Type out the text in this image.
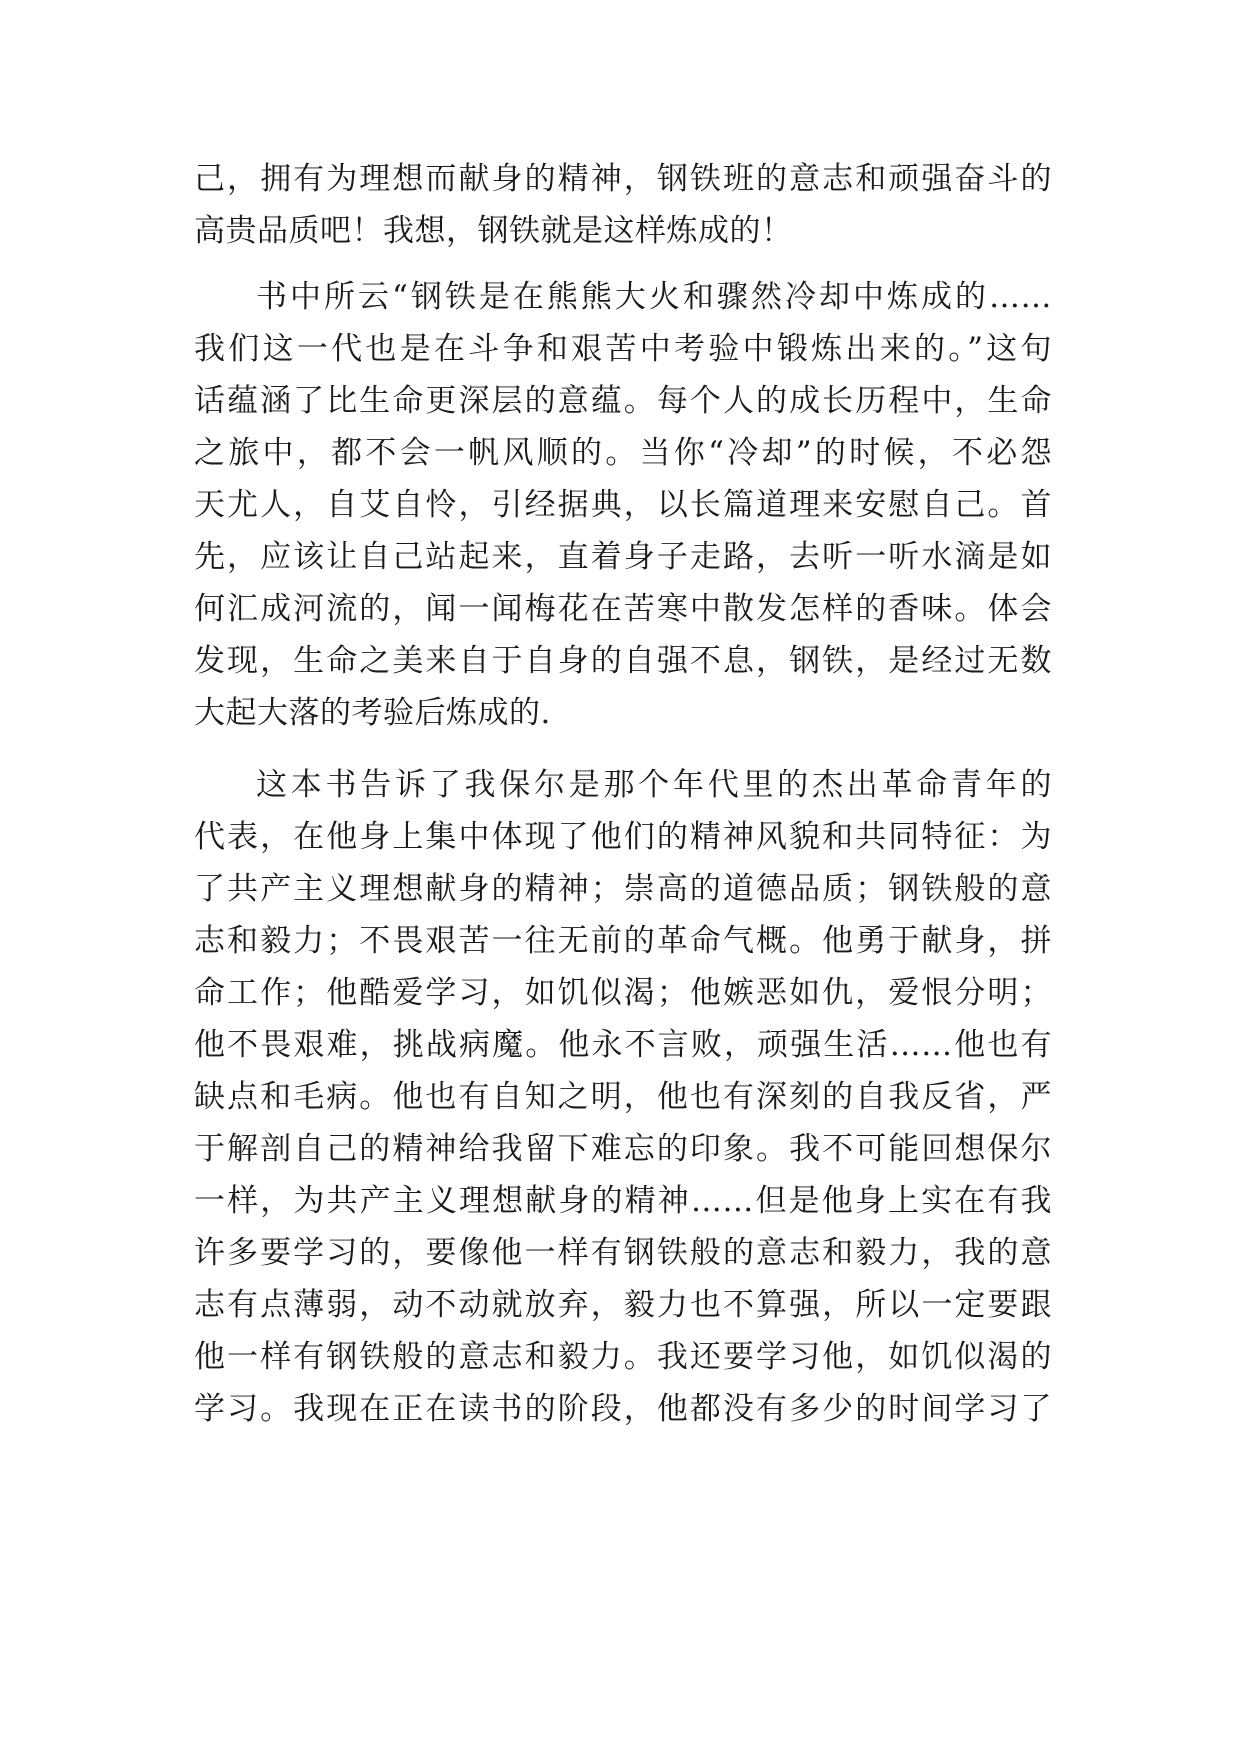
己，拥有为理想而献身的精神，钢铁班的意志和顽强奋斗的
高贵品质吧！我想，钢铁就是这样炼成的！
书中所云“钢铁是在熊熊大火和骤然冷却中炼成的……
我们这一代也是在斗争和艰苦中考验中锻炼出来的。”这句
话蕴涵了比生命更深层的意蕴。每个人的成长历程中，生命
之旅中，都不会一帆风顺的。当你“冷却”的时候，不必怨
天尤人，自艾自怜，引经据典，以长篇道理来安慰自己。首
先，应该让自己站起来，直着身子走路，去听一听水滴是如
何汇成河流的，闻一闻梅花在苦寒中散发怎样的香味。体会
发现，生命之美来自于自身的自强不息，钢铁，是经过无数
大起大落的考验后炼成的.
这本书告诉了我保尔是那个年代里的杰出革命青年的
代表，在他身上集中体现了他们的精神风貌和共同特征：为
了共产主义理想献身的精神；崇高的道德品质；钢铁般的意
志和毅力；不畏艰苦一往无前的革命气概。他勇于献身，拼
命工作；他酷爱学习，如饥似渴；他嫉恶如仇，爱恨分明；
他不畏艰难，挑战病魔。他永不言败，顽强生活……他也有
缺点和毛病。他也有自知之明，他也有深刻的自我反省，严
于解剖自己的精神给我留下难忘的印象。我不可能回想保尔
一样，为共产主义理想献身的精神……但是他身上实在有我
许多要学习的，要像他一样有钢铁般的意志和毅力，我的意
志有点薄弱，动不动就放弃，毅力也不算强，所以一定要跟
他一样有钢铁般的意志和毅力。我还要学习他，如饥似渴的
学习。我现在正在读书的阶段，他都没有多少的时间学习了
